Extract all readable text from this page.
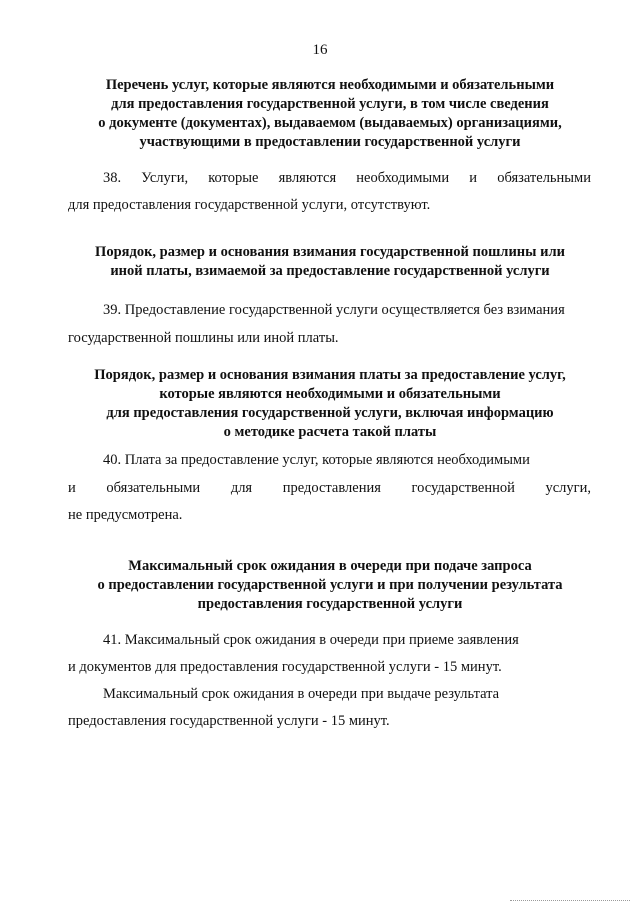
16
Перечень услуг, которые являются необходимыми и обязательными
для предоставления государственной услуги, в том числе сведения
о документе (документах), выдаваемом (выдаваемых) организациями,
участвующими в предоставлении государственной услуги
38. Услуги, которые являются необходимыми и обязательными
для предоставления государственной услуги, отсутствуют.
Порядок, размер и основания взимания государственной пошлины или
иной платы, взимаемой за предоставление государственной услуги
39. Предоставление государственной услуги осуществляется без взимания
государственной пошлины или иной платы.
Порядок, размер и основания взимания платы за предоставление услуг,
которые являются необходимыми и обязательными
для предоставления государственной услуги, включая информацию
о методике расчета такой платы
40. Плата за предоставление услуг, которые являются необходимыми
и обязательными для предоставления государственной услуги,
не предусмотрена.
Максимальный срок ожидания в очереди при подаче запроса
о предоставлении государственной услуги и при получении результата
предоставления государственной услуги
41. Максимальный срок ожидания в очереди при приеме заявления
и документов для предоставления государственной услуги - 15 минут.
Максимальный срок ожидания в очереди при выдаче результата
предоставления государственной услуги - 15 минут.
